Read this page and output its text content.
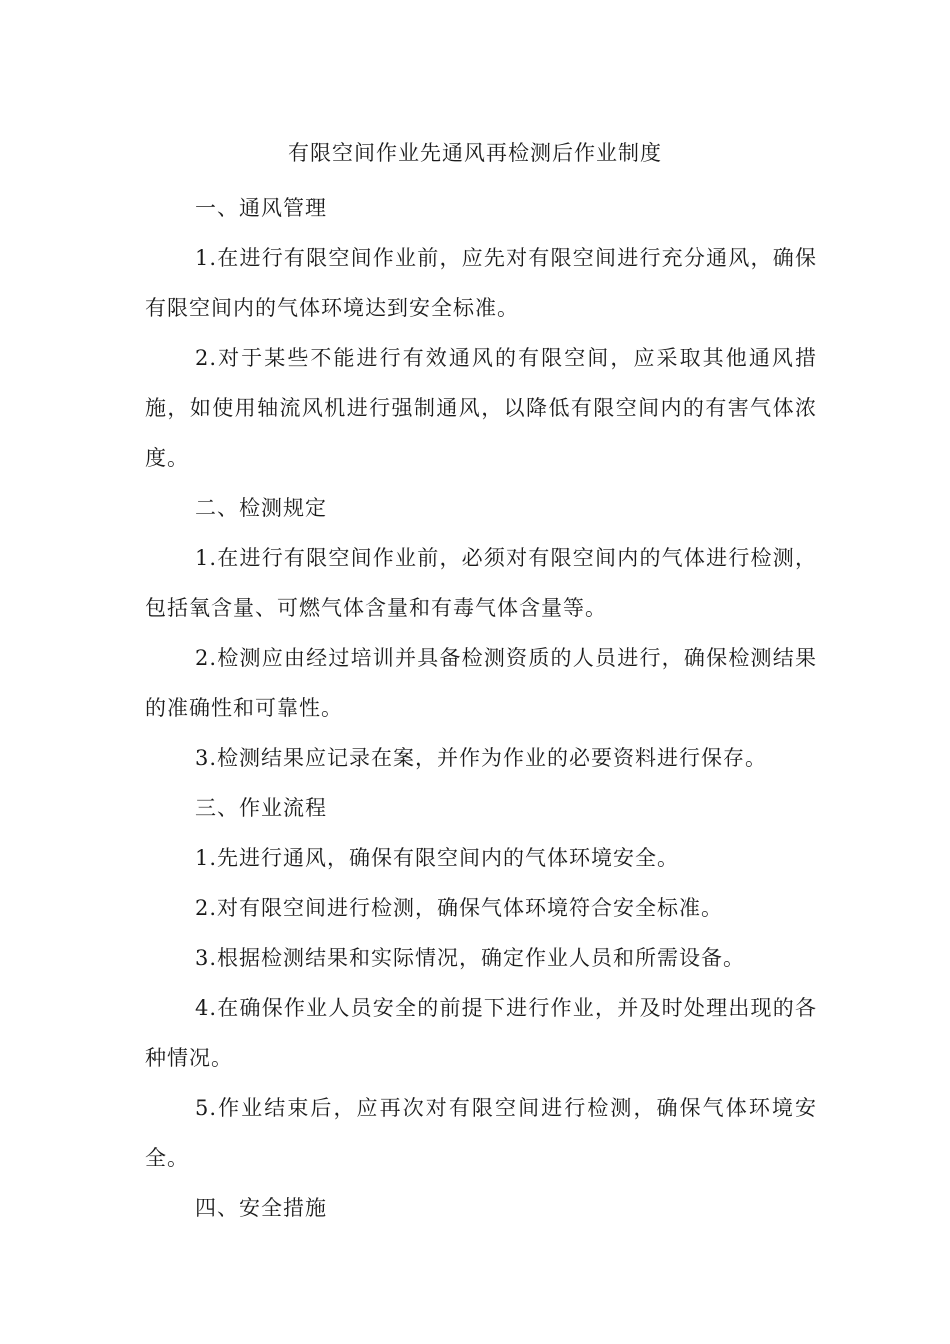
有限空间作业先通风再检测后作业制度

一、通风管理

1.在进行有限空间作业前，应先对有限空间进行充分通风，确保有限空间内的气体环境达到安全标准。

2.对于某些不能进行有效通风的有限空间，应采取其他通风措施，如使用轴流风机进行强制通风，以降低有限空间内的有害气体浓度。

二、检测规定

1.在进行有限空间作业前，必须对有限空间内的气体进行检测，包括氧含量、可燃气体含量和有毒气体含量等。

2.检测应由经过培训并具备检测资质的人员进行，确保检测结果的准确性和可靠性。

3.检测结果应记录在案，并作为作业的必要资料进行保存。

三、作业流程

1.先进行通风，确保有限空间内的气体环境安全。

2.对有限空间进行检测，确保气体环境符合安全标准。

3.根据检测结果和实际情况，确定作业人员和所需设备。

4.在确保作业人员安全的前提下进行作业，并及时处理出现的各种情况。

5.作业结束后，应再次对有限空间进行检测，确保气体环境安全。

四、安全措施
